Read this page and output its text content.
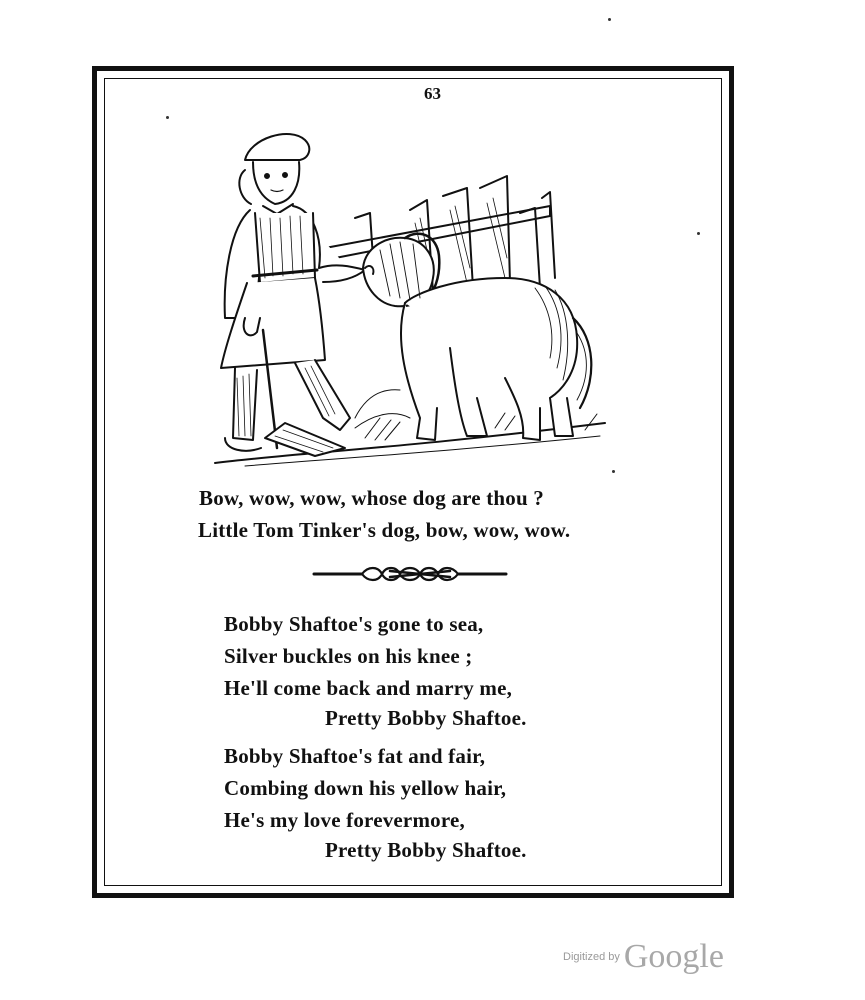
63
Bow, wow, wow, whose dog are thou ?
Little Tom Tinker's dog, bow, wow, wow.
Bobby Shaftoe's gone to sea,
Silver buckles on his knee ;
He'll come back and marry me,
Pretty Bobby Shaftoe.
Bobby Shaftoe's fat and fair,
Combing down his yellow hair,
He's my love forevermore,
Pretty Bobby Shaftoe.
Digitized by Google
